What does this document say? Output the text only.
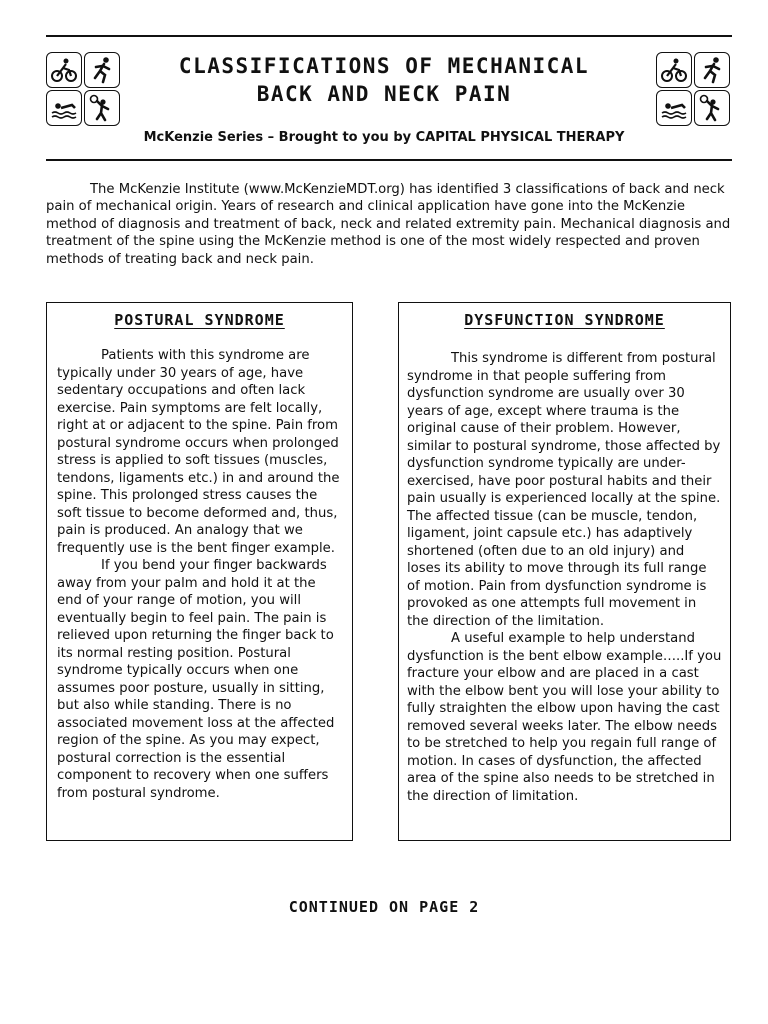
CLASSIFICATIONS OF MECHANICAL
BACK AND NECK PAIN
McKenzie Series – Brought to you by CAPITAL PHYSICAL THERAPY

The McKenzie Institute (www.McKenzieMDT.org) has identified 3 classifications of back and neck pain of mechanical origin. Years of research and clinical application have gone into the McKenzie method of diagnosis and treatment of back, neck and related extremity pain. Mechanical diagnosis and treatment of the spine using the McKenzie method is one of the most widely respected and proven methods of treating back and neck pain.

POSTURAL SYNDROME

Patients with this syndrome are typically under 30 years of age, have sedentary occupations and often lack exercise. Pain symptoms are felt locally, right at or adjacent to the spine. Pain from postural syndrome occurs when prolonged stress is applied to soft tissues (muscles, tendons, ligaments etc.) in and around the spine. This prolonged stress causes the soft tissue to become deformed and, thus, pain is produced. An analogy that we frequently use is the bent finger example.

If you bend your finger backwards away from your palm and hold it at the end of your range of motion, you will eventually begin to feel pain. The pain is relieved upon returning the finger back to its normal resting position. Postural syndrome typically occurs when one assumes poor posture, usually in sitting, but also while standing. There is no associated movement loss at the affected region of the spine. As you may expect, postural correction is the essential component to recovery when one suffers from postural syndrome.

DYSFUNCTION SYNDROME

This syndrome is different from postural syndrome in that people suffering from dysfunction syndrome are usually over 30 years of age, except where trauma is the original cause of their problem. However, similar to postural syndrome, those affected by dysfunction syndrome typically are under-exercised, have poor postural habits and their pain usually is experienced locally at the spine. The affected tissue (can be muscle, tendon, ligament, joint capsule etc.) has adaptively shortened (often due to an old injury) and loses its ability to move through its full range of motion. Pain from dysfunction syndrome is provoked as one attempts full movement in the direction of the limitation.

A useful example to help understand dysfunction is the bent elbow example…..If you fracture your elbow and are placed in a cast with the elbow bent you will lose your ability to fully straighten the elbow upon having the cast removed several weeks later. The elbow needs to be stretched to help you regain full range of motion. In cases of dysfunction, the affected area of the spine also needs to be stretched in the direction of limitation.

CONTINUED ON PAGE 2
